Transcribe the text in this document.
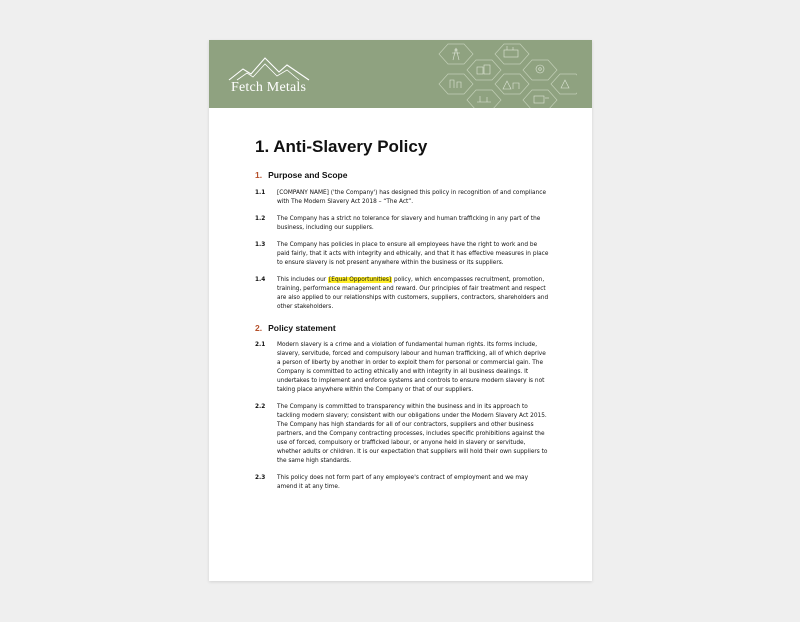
Fetch Metals
1. Anti-Slavery Policy
1. Purpose and Scope
1.1	[COMPANY NAME] ('the Company') has designed this policy in recognition of and compliance with The Modern Slavery Act 2018 – “The Act”.
1.2	The Company has a strict no tolerance for slavery and human trafficking in any part of the business, including our suppliers.
1.3	The Company has policies in place to ensure all employees have the right to work and be paid fairly, that it acts with integrity and ethically, and that it has effective measures in place to ensure slavery is not present anywhere within the business or its suppliers.
1.4	This includes our [Equal Opportunities] policy, which encompasses recruitment, promotion, training, performance management and reward. Our principles of fair treatment and respect are also applied to our relationships with customers, suppliers, contractors, shareholders and other stakeholders.
2. Policy statement
2.1	Modern slavery is a crime and a violation of fundamental human rights. Its forms include, slavery, servitude, forced and compulsory labour and human trafficking, all of which deprive a person of liberty by another in order to exploit them for personal or commercial gain. The Company is committed to acting ethically and with integrity in all business dealings. It undertakes to implement and enforce systems and controls to ensure modern slavery is not taking place anywhere within the Company or that of our suppliers.
2.2	The Company is committed to transparency within the business and in its approach to tackling modern slavery; consistent with our obligations under the Modern Slavery Act 2015. The Company has high standards for all of our contractors, suppliers and other business partners, and the Company contracting processes, includes specific prohibitions against the use of forced, compulsory or trafficked labour, or anyone held in slavery or servitude, whether adults or children. It is our expectation that suppliers will hold their own suppliers to the same high standards.
2.3	This policy does not form part of any employee's contract of employment and we may amend it at any time.
